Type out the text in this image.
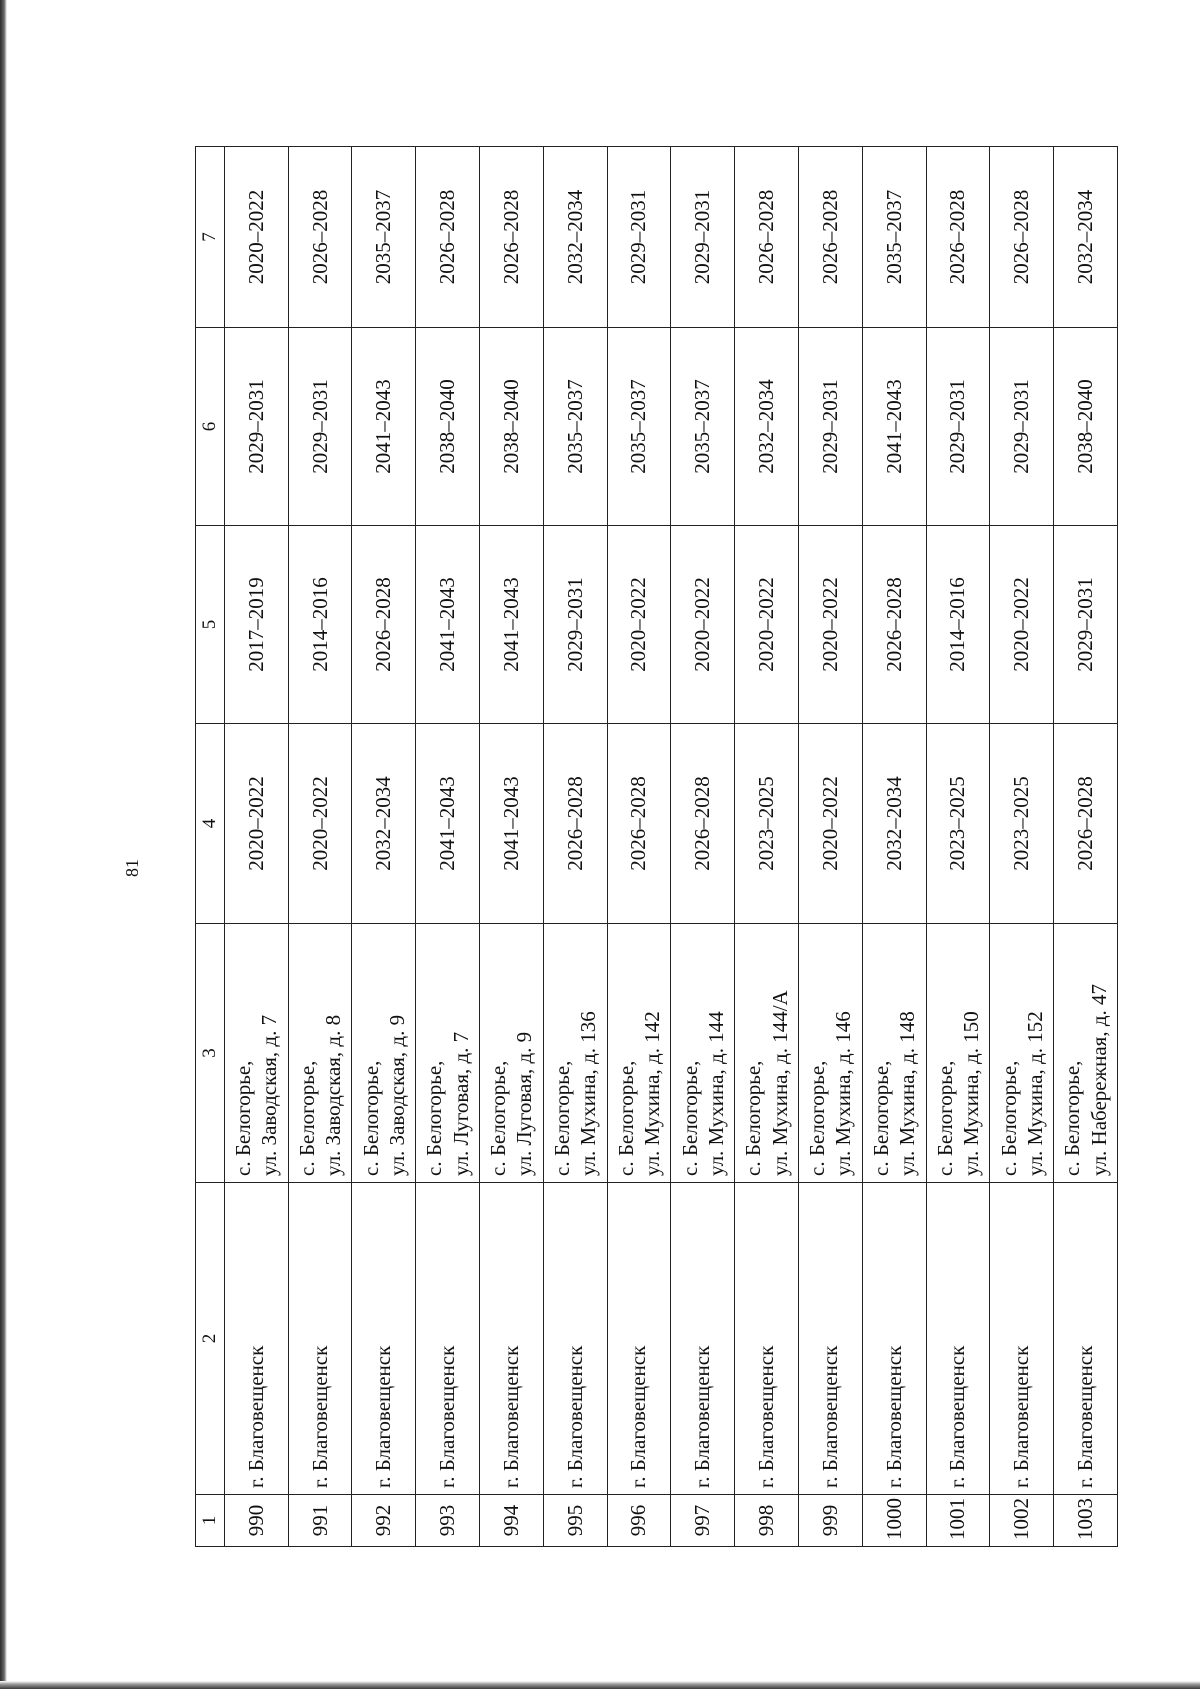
81
1	2	3	4	5	6	7
990	г. Благовещенск	с. Белогорье, ул. Заводская, д. 7	2020–2022	2017–2019	2029–2031	2020–2022
991	г. Благовещенск	с. Белогорье, ул. Заводская, д. 8	2020–2022	2014–2016	2029–2031	2026–2028
992	г. Благовещенск	с. Белогорье, ул. Заводская, д. 9	2032–2034	2026–2028	2041–2043	2035–2037
993	г. Благовещенск	с. Белогорье, ул. Луговая, д. 7	2041–2043	2041–2043	2038–2040	2026–2028
994	г. Благовещенск	с. Белогорье, ул. Луговая, д. 9	2041–2043	2041–2043	2038–2040	2026–2028
995	г. Благовещенск	с. Белогорье, ул. Мухина, д. 136	2026–2028	2029–2031	2035–2037	2032–2034
996	г. Благовещенск	с. Белогорье, ул. Мухина, д. 142	2026–2028	2020–2022	2035–2037	2029–2031
997	г. Благовещенск	с. Белогорье, ул. Мухина, д. 144	2026–2028	2020–2022	2035–2037	2029–2031
998	г. Благовещенск	с. Белогорье, ул. Мухина, д. 144/А	2023–2025	2020–2022	2032–2034	2026–2028
999	г. Благовещенск	с. Белогорье, ул. Мухина, д. 146	2020–2022	2020–2022	2029–2031	2026–2028
1000	г. Благовещенск	с. Белогорье, ул. Мухина, д. 148	2032–2034	2026–2028	2041–2043	2035–2037
1001	г. Благовещенск	с. Белогорье, ул. Мухина, д. 150	2023–2025	2014–2016	2029–2031	2026–2028
1002	г. Благовещенск	с. Белогорье, ул. Мухина, д. 152	2023–2025	2020–2022	2029–2031	2026–2028
1003	г. Благовещенск	с. Белогорье, ул. Набережная, д. 47	2026–2028	2029–2031	2038–2040	2032–2034
